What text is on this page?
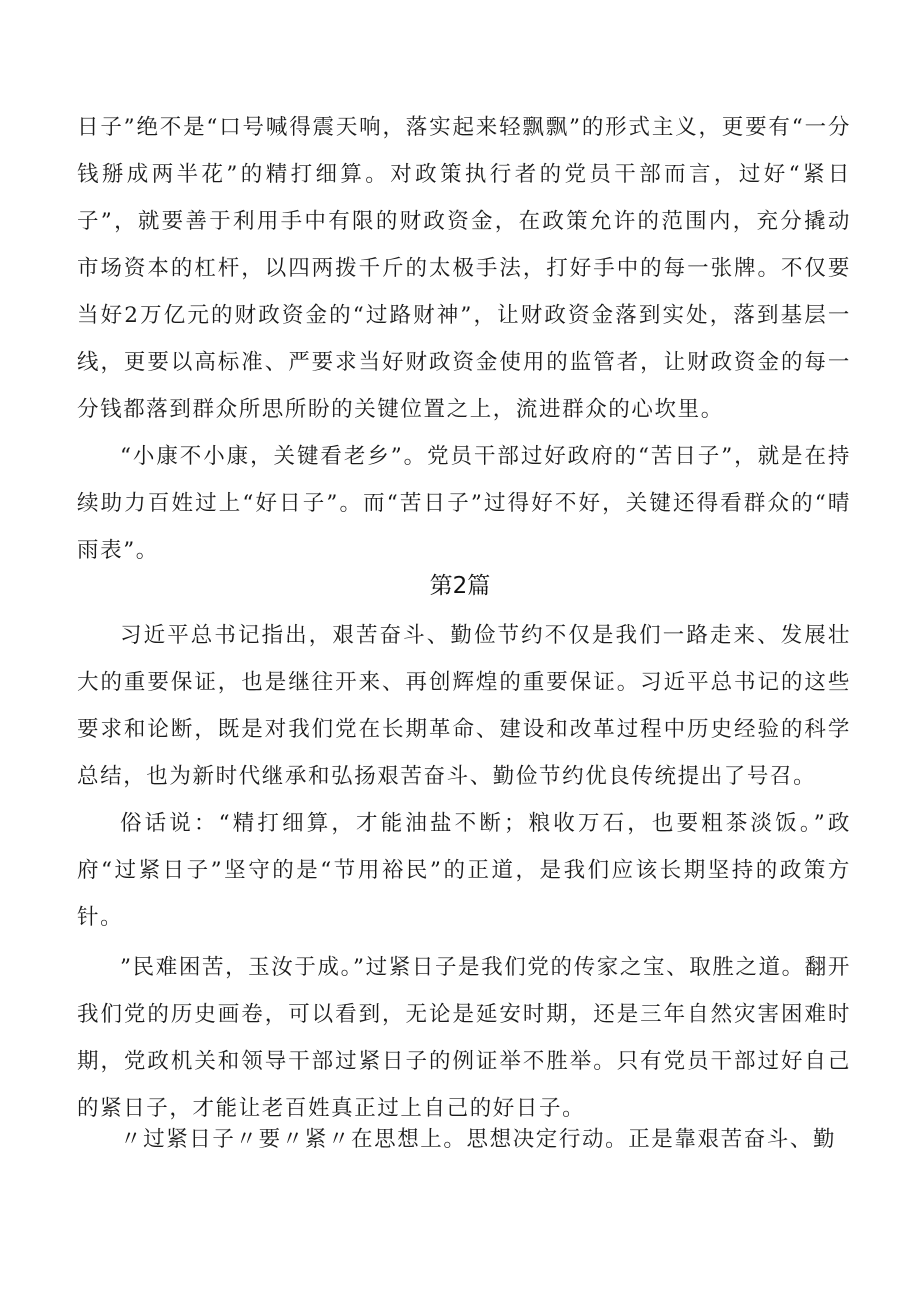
日子”绝不是“口号喊得震天响，落实起来轻飘飘”的形式主义，更要有“一分钱掰成两半花”的精打细算。对政策执行者的党员干部而言，过好“紧日子”，就要善于利用手中有限的财政资金，在政策允许的范围内，充分撬动市场资本的杠杆，以四两拨千斤的太极手法，打好手中的每一张牌。不仅要当好2万亿元的财政资金的“过路财神”，让财政资金落到实处，落到基层一线，更要以高标准、严要求当好财政资金使用的监管者，让财政资金的每一分钱都落到群众所思所盼的关键位置之上，流进群众的心坎里。

“小康不小康，关键看老乡”。党员干部过好政府的“苦日子”，就是在持续助力百姓过上“好日子”。而“苦日子”过得好不好，关键还得看群众的“晴雨表”。

第2篇

习近平总书记指出，艰苦奋斗、勤俭节约不仅是我们一路走来、发展壮大的重要保证，也是继往开来、再创辉煌的重要保证。习近平总书记的这些要求和论断，既是对我们党在长期革命、建设和改革过程中历史经验的科学总结，也为新时代继承和弘扬艰苦奋斗、勤俭节约优良传统提出了号召。

俗话说：“精打细算，才能油盐不断；粮收万石，也要粗茶淡饭。”政府“过紧日子”坚守的是“节用裕民”的正道，是我们应该长期坚持的政策方针。

”民难困苦，玉汝于成。”过紧日子是我们党的传家之宝、取胜之道。翻开我们党的历史画卷，可以看到，无论是延安时期，还是三年自然灾害困难时期，党政机关和领导干部过紧日子的例证举不胜举。只有党员干部过好自己的紧日子，才能让老百姓真正过上自己的好日子。

〃过紧日子〃要〃紧〃在思想上。思想决定行动。正是靠艰苦奋斗、勤
